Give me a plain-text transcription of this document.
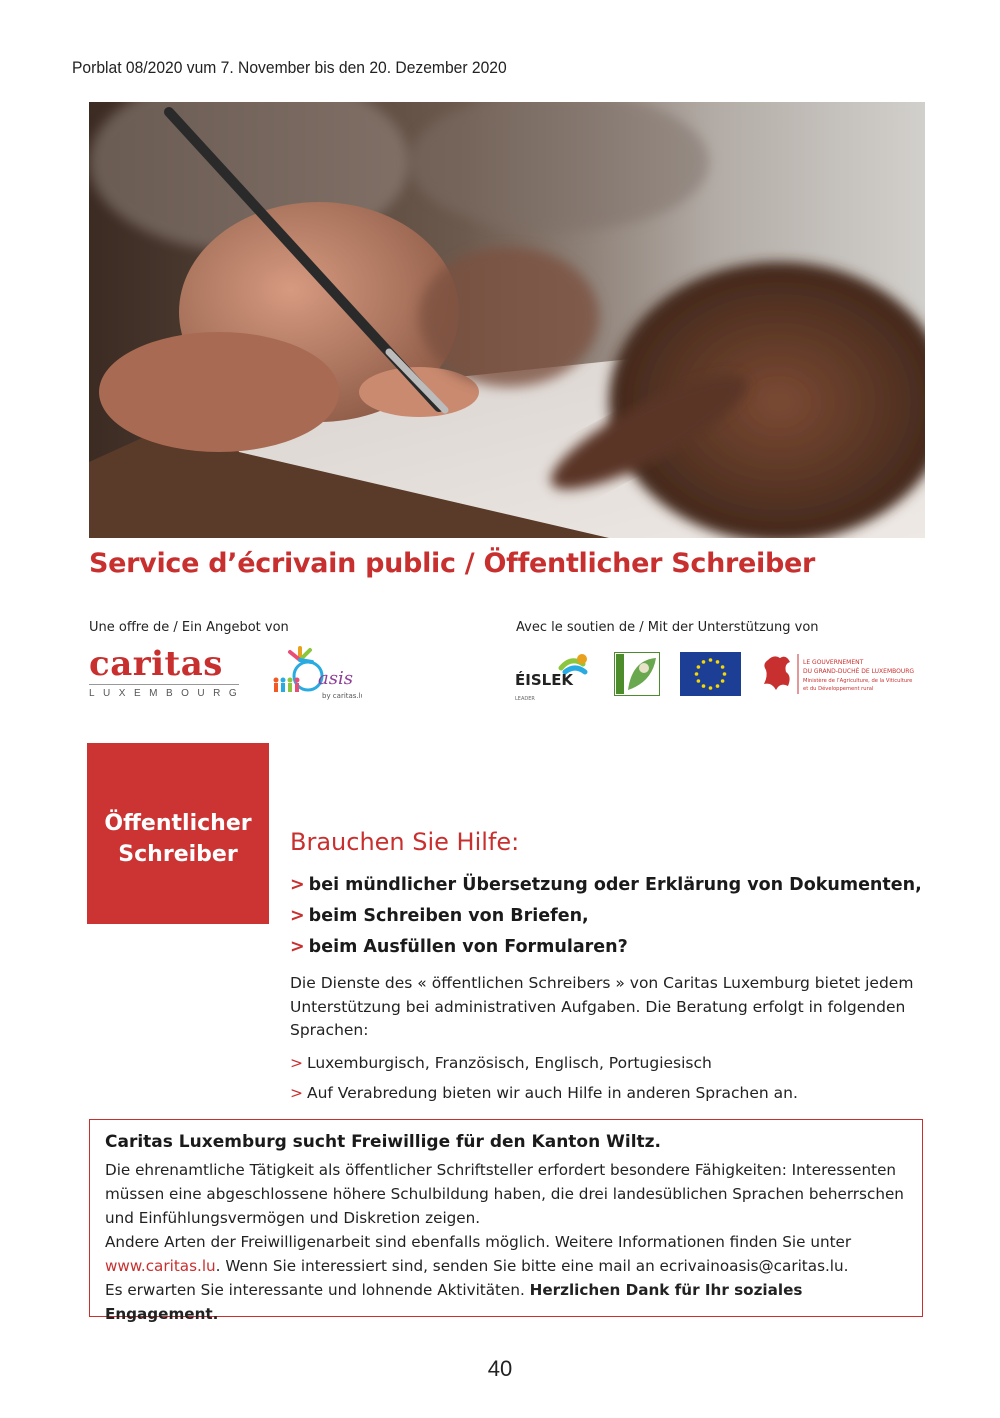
Porblat 08/2020 vum 7. November bis den 20. Dezember 2020
Service d’écrivain public / Öffentlicher Schreiber
Une offre de / Ein Angebot von	Avec le soutien de / Mit der Unterstützung von
caritas
LUXEMBOURG
asis
by caritas.lu
ÉISLEK
LEADER
LE GOUVERNEMENT
DU GRAND-DUCHÉ DE LUXEMBOURG
Ministère de l’Agriculture, de la Viticulture
et du Développement rural
Öffentlicher
Schreiber	Brauchen Sie Hilfe:
> bei mündlicher Übersetzung oder Erklärung von Dokumenten,
> beim Schreiben von Briefen,
> beim Ausfüllen von Formularen?
Die Dienste des « öffentlichen Schreibers » von Caritas Luxemburg bietet jedem Unterstützung bei administrativen Aufgaben. Die Beratung erfolgt in folgenden Sprachen:
> Luxemburgisch, Französisch, Englisch, Portugiesisch
> Auf Verabredung bieten wir auch Hilfe in anderen Sprachen an.
Caritas Luxemburg sucht Freiwillige für den Kanton Wiltz.

Die ehrenamtliche Tätigkeit als öffentlicher Schriftsteller erfordert besondere Fähigkeiten: Interessenten müssen eine abgeschlossene höhere Schulbildung haben, die drei landesüblichen Sprachen beherrschen und Einfühlungsvermögen und Diskretion zeigen.

Andere Arten der Freiwilligenarbeit sind ebenfalls möglich. Weitere Informationen finden Sie unter www.caritas.lu. Wenn Sie interessiert sind, senden Sie bitte eine mail an ecrivainoasis@caritas.lu.

Es erwarten Sie interessante und lohnende Aktivitäten. Herzlichen Dank für Ihr soziales Engagement.

40
